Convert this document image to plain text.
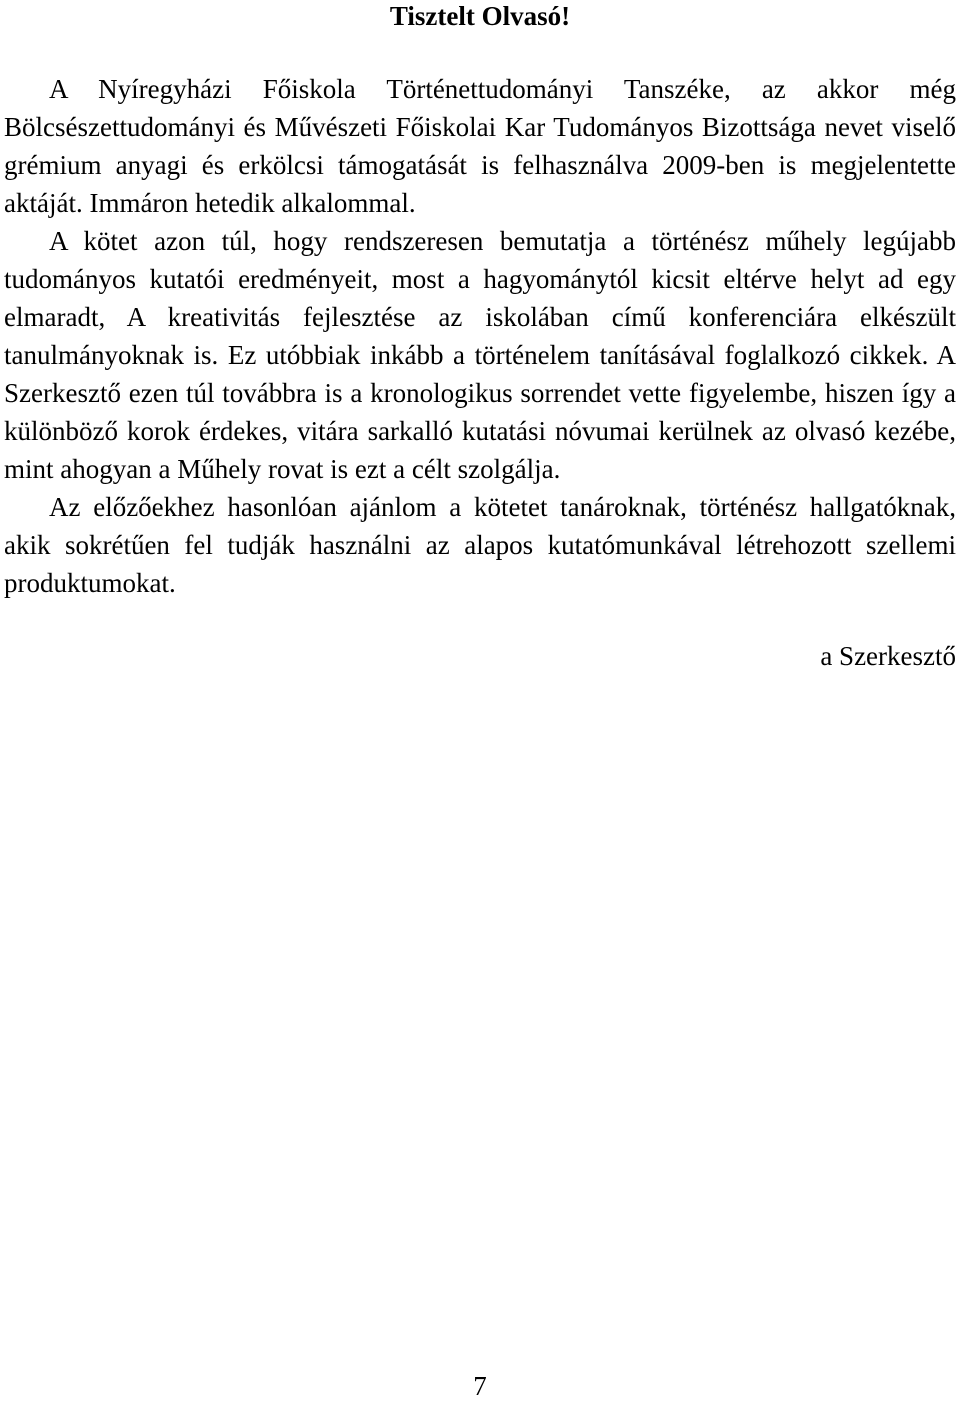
Tisztelt Olvasó!

A Nyíregyházi Főiskola Történettudományi Tanszéke, az akkor még Bölcsészettudományi és Művészeti Főiskolai Kar Tudományos Bizottsága nevet viselő grémium anyagi és erkölcsi támogatását is felhasználva 2009-ben is megjelentette aktáját. Immáron hetedik alkalommal.

A kötet azon túl, hogy rendszeresen bemutatja a történész műhely legújabb tudományos kutatói eredményeit, most a hagyománytól kicsit eltérve helyt ad egy elmaradt, A kreativitás fejlesztése az iskolában című konferenciára elkészült tanulmányoknak is. Ez utóbbiak inkább a történelem tanításával foglalkozó cikkek. A Szerkesztő ezen túl továbbra is a kronologikus sorrendet vette figyelembe, hiszen így a különböző korok érdekes, vitára sarkalló kutatási nóvumai kerülnek az olvasó kezébe, mint ahogyan a Műhely rovat is ezt a célt szolgálja.

Az előzőekhez hasonlóan ajánlom a kötetet tanároknak, történész hallgatóknak, akik sokrétűen fel tudják használni az alapos kutatómunkával létrehozott szellemi produktumokat.

a Szerkesztő
7
